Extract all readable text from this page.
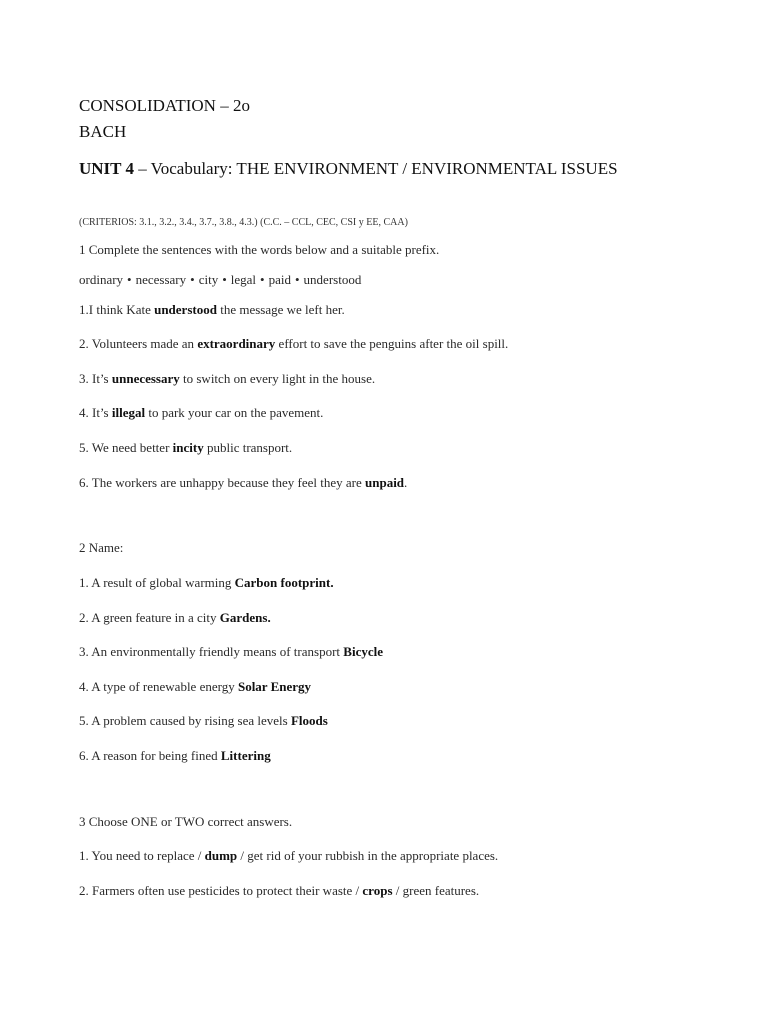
CONSOLIDATION – 2o
BACH
UNIT 4 – Vocabulary: THE ENVIRONMENT / ENVIRONMENTAL ISSUES
(CRITERIOS: 3.1., 3.2., 3.4., 3.7., 3.8., 4.3.) (C.C. – CCL, CEC, CSI y EE, CAA)
1 Complete the sentences with the words below and a suitable prefix.
ordinary • necessary • city • legal • paid • understood
1.I think Kate understood the message we left her.
2. Volunteers made an extraordinary effort to save the penguins after the oil spill.
3. It’s unnecessary to switch on every light in the house.
4. It’s illegal to park your car on the pavement.
5. We need better incity public transport.
6. The workers are unhappy because they feel they are unpaid.
2 Name:
1. A result of global warming Carbon footprint.
2. A green feature in a city Gardens.
3. An environmentally friendly means of transport Bicycle
4. A type of renewable energy Solar Energy
5. A problem caused by rising sea levels Floods
6. A reason for being fined Littering
3 Choose ONE or TWO correct answers.
1. You need to replace / dump / get rid of your rubbish in the appropriate places.
2. Farmers often use pesticides to protect their waste / crops / green features.
